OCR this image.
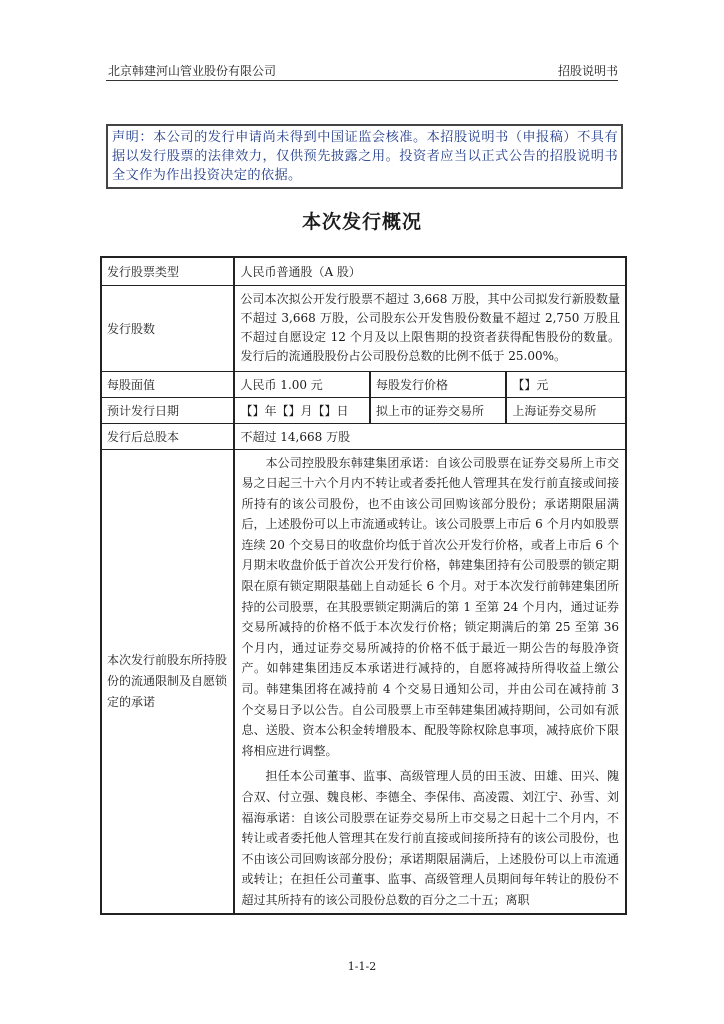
北京韩建河山管业股份有限公司	招股说明书
声明：本公司的发行申请尚未得到中国证监会核准。本招股说明书（申报稿）不具有据以发行股票的法律效力，仅供预先披露之用。投资者应当以正式公告的招股说明书全文作为作出投资决定的依据。
本次发行概况
发行股票类型	人民币普通股（A 股）		
发行股数	公司本次拟公开发行股票不超过 3,668 万股，其中公司拟发行新股数量不超过 3,668 万股，公司股东公开发售股份数量不超过 2,750 万股且不超过自愿设定 12 个月及以上限售期的投资者获得配售股份的数量。发行后的流通股股份占公司股份总数的比例不低于 25.00%。		
每股面值	人民币 1.00 元	每股发行价格	【】元
预计发行日期	【】年【】月【】日	拟上市的证券交易所	上海证券交易所
发行后总股本	不超过 14,668 万股		
本次发行前股东所持股份的流通限制及自愿锁定的承诺	本公司控股股东韩建集团承诺：自该公司股票在证券交易所上市交易之日起三十六个月内不转让或者委托他人管理其在发行前直接或间接所持有的该公司股份，也不由该公司回购该部分股份；承诺期限届满后，上述股份可以上市流通或转让。该公司股票上市后 6 个月内如股票连续 20 个交易日的收盘价均低于首次公开发行价格，或者上市后 6 个月期末收盘价低于首次公开发行价格，韩建集团持有公司股票的锁定期限在原有锁定期限基础上自动延长 6 个月。对于本次发行前韩建集团所持的公司股票，在其股票锁定期满后的第 1 至第 24 个月内，通过证券交易所减持的价格不低于本次发行价格；锁定期满后的第 25 至第 36 个月内，通过证券交易所减持的价格不低于最近一期公告的每股净资产。如韩建集团违反本承诺进行减持的，自愿将减持所得收益上缴公司。韩建集团将在减持前 4 个交易日通知公司，并由公司在减持前 3 个交易日予以公告。自公司股票上市至韩建集团减持期间，公司如有派息、送股、资本公积金转增股本、配股等除权除息事项，减持底价下限将相应进行调整。
担任本公司董事、监事、高级管理人员的田玉波、田雄、田兴、隗合双、付立强、魏良彬、李德全、李保伟、高凌霞、刘江宁、孙雪、刘福海承诺：自该公司股票在证券交易所上市交易之日起十二个月内，不转让或者委托他人管理其在发行前直接或间接所持有的该公司股份，也不由该公司回购该部分股份；承诺期限届满后，上述股份可以上市流通或转让；在担任公司董事、监事、高级管理人员期间每年转让的股份不超过其所持有的该公司股份总数的百分之二十五；离职		
1-1-2
